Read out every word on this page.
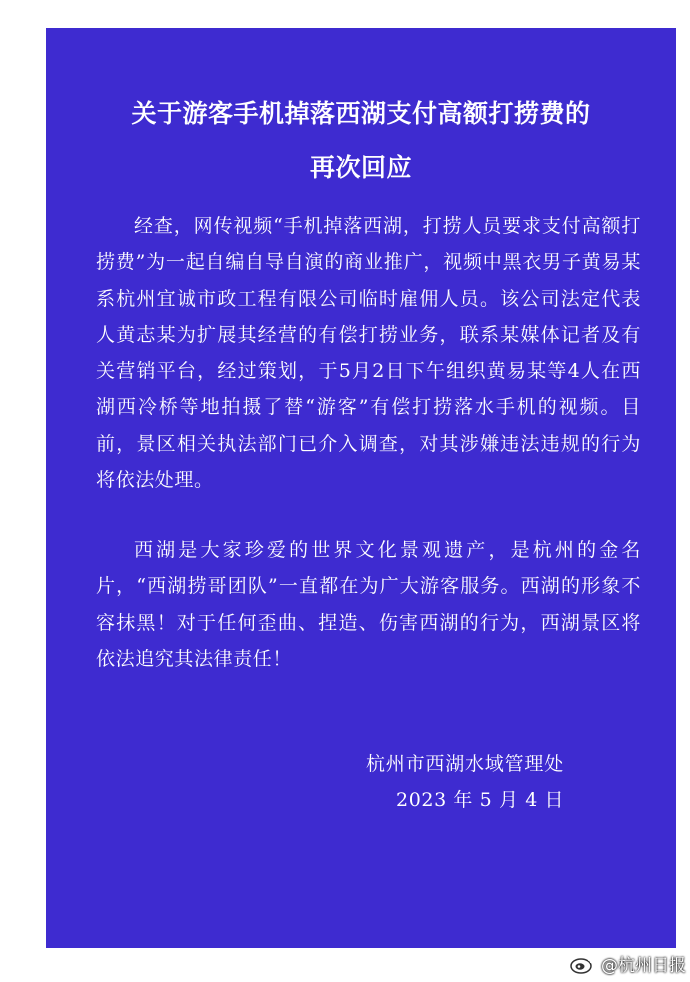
关于游客手机掉落西湖支付高额打捞费的
再次回应

经查，网传视频“手机掉落西湖，打捞人员要求支付高额打捞费”为一起自编自导自演的商业推广，视频中黑衣男子黄易某系杭州宜诚市政工程有限公司临时雇佣人员。该公司法定代表人黄志某为扩展其经营的有偿打捞业务，联系某媒体记者及有关营销平台，经过策划，于5月2日下午组织黄易某等4人在西湖西冷桥等地拍摄了替“游客”有偿打捞落水手机的视频。目前，景区相关执法部门已介入调查，对其涉嫌违法违规的行为将依法处理。

西湖是大家珍爱的世界文化景观遗产，是杭州的金名片，“西湖捞哥团队”一直都在为广大游客服务。西湖的形象不容抹黑！对于任何歪曲、捏造、伤害西湖的行为，西湖景区将依法追究其法律责任！

杭州市西湖水域管理处
2023 年 5 月 4 日
@杭州日报
